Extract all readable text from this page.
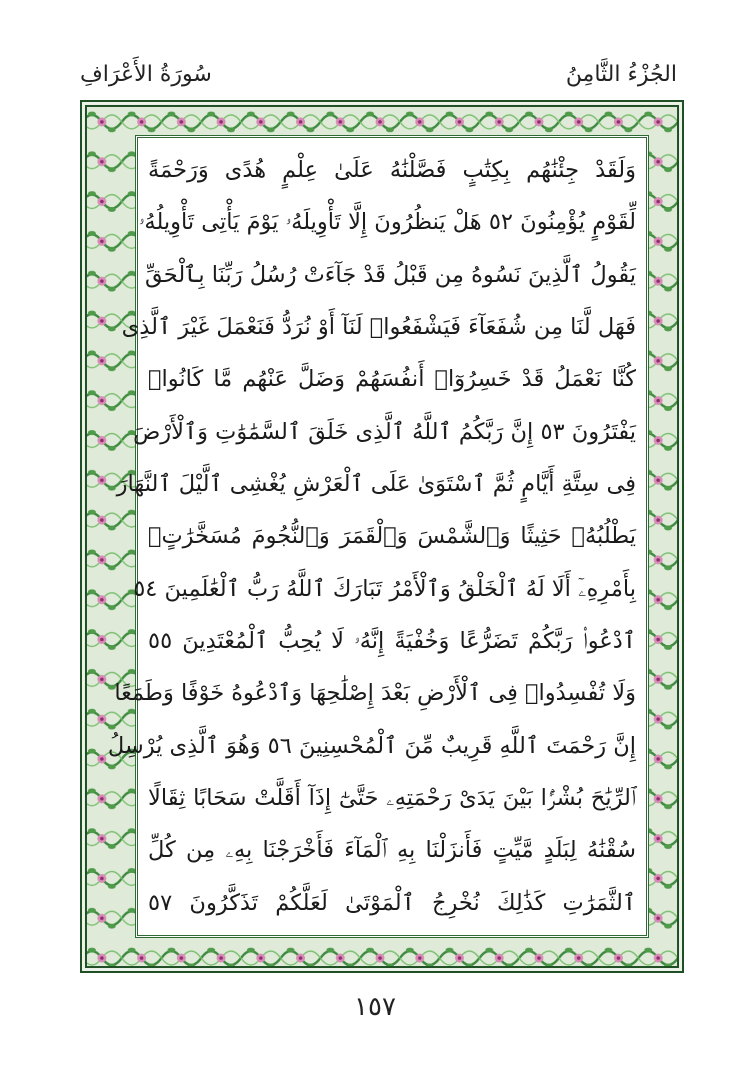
الجُزْءُ الثَّامِنُ
سُورَةُ الأَعْرَافِ
وَلَقَدْ جِئْنَٰهُم بِكِتَٰبٍ فَصَّلْنَٰهُ عَلَىٰ عِلْمٍ هُدًى وَرَحْمَةً
لِّقَوْمٍ يُؤْمِنُونَ ٥٢ هَلْ يَنظُرُونَ إِلَّا تَأْوِيلَهُۥ يَوْمَ يَأْتِى تَأْوِيلُهُۥ
يَقُولُ ٱلَّذِينَ نَسُوهُ مِن قَبْلُ قَدْ جَآءَتْ رُسُلُ رَبِّنَا بِٱلْحَقِّ
فَهَل لَّنَا مِن شُفَعَآءَ فَيَشْفَعُوا۟ لَنَآ أَوْ نُرَدُّ فَنَعْمَلَ غَيْرَ ٱلَّذِى
كُنَّا نَعْمَلُ قَدْ خَسِرُوٓا۟ أَنفُسَهُمْ وَضَلَّ عَنْهُم مَّا كَانُوا۟
يَفْتَرُونَ ٥٣ إِنَّ رَبَّكُمُ ٱللَّهُ ٱلَّذِى خَلَقَ ٱلسَّمَٰوَٰتِ وَٱلْأَرْضَ
فِى سِتَّةِ أَيَّامٍ ثُمَّ ٱسْتَوَىٰ عَلَى ٱلْعَرْشِ يُغْشِى ٱلَّيْلَ ٱلنَّهَارَ
يَطْلُبُهُۥ حَثِيثًا وَٱلشَّمْسَ وَٱلْقَمَرَ وَٱلنُّجُومَ مُسَخَّرَٰتٍۭ
بِأَمْرِهِۦٓ أَلَا لَهُ ٱلْخَلْقُ وَٱلْأَمْرُ تَبَارَكَ ٱللَّهُ رَبُّ ٱلْعَٰلَمِينَ ٥٤
ٱدْعُوا۟ رَبَّكُمْ تَضَرُّعًا وَخُفْيَةً إِنَّهُۥ لَا يُحِبُّ ٱلْمُعْتَدِينَ ٥٥
وَلَا تُفْسِدُوا۟ فِى ٱلْأَرْضِ بَعْدَ إِصْلَٰحِهَا وَٱدْعُوهُ خَوْفًا وَطَمَعًا
إِنَّ رَحْمَتَ ٱللَّهِ قَرِيبٌ مِّنَ ٱلْمُحْسِنِينَ ٥٦ وَهُوَ ٱلَّذِى يُرْسِلُ
ٱلرِّيَٰحَ بُشْرًۢا بَيْنَ يَدَىْ رَحْمَتِهِۦ حَتَّىٰٓ إِذَآ أَقَلَّتْ سَحَابًا ثِقَالًا
سُقْنَٰهُ لِبَلَدٍ مَّيِّتٍ فَأَنزَلْنَا بِهِ ٱلْمَآءَ فَأَخْرَجْنَا بِهِۦ مِن كُلِّ
ٱلثَّمَرَٰتِ كَذَٰلِكَ نُخْرِجُ ٱلْمَوْتَىٰ لَعَلَّكُمْ تَذَكَّرُونَ ٥٧
١٥٧
